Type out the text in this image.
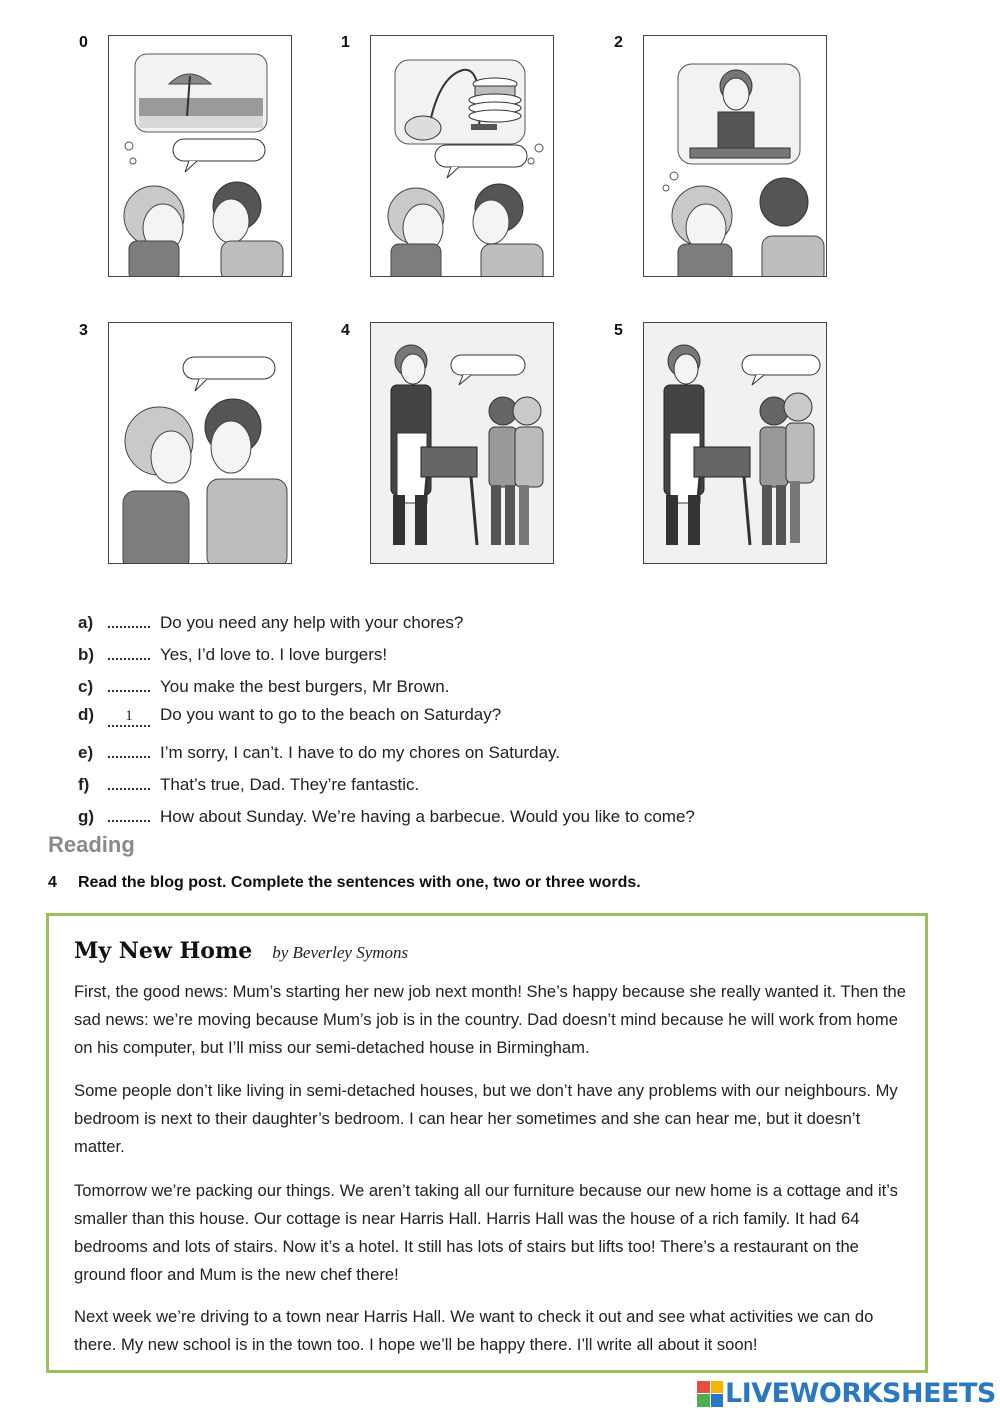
0	1	2
3	4	5
a)	Do you need any help with your chores?
b)	Yes, I’d love to. I love burgers!
c)	You make the best burgers, Mr Brown.
d)	1	Do you want to go to the beach on Saturday?
e)	I’m sorry, I can’t. I have to do my chores on Saturday.
f)	That’s true, Dad. They’re fantastic.
g)	How about Sunday. We’re having a barbecue. Would you like to come?
Reading
4 Read the blog post. Complete the sentences with one, two or three words.
My New Home by Beverley Symons
First, the good news: Mum’s starting her new job next month! She’s happy because she really wanted it. Then the sad news: we’re moving because Mum’s job is in the country. Dad doesn’t mind because he will work from home on his computer, but I’ll miss our semi-detached house in Birmingham.
Some people don’t like living in semi-detached houses, but we don’t have any problems with our neighbours. My bedroom is next to their daughter’s bedroom. I can hear her sometimes and she can hear me, but it doesn’t matter.
Tomorrow we’re packing our things. We aren’t taking all our furniture because our new home is a cottage and it’s smaller than this house. Our cottage is near Harris Hall. Harris Hall was the house of a rich family. It had 64 bedrooms and lots of stairs. Now it’s a hotel. It still has lots of stairs but lifts too! There’s a restaurant on the ground floor and Mum is the new chef there!
Next week we’re driving to a town near Harris Hall. We want to check it out and see what activities we can do there. My new school is in the town too. I hope we’ll be happy there. I’ll write all about it soon!
LIVEWORKSHEETS
